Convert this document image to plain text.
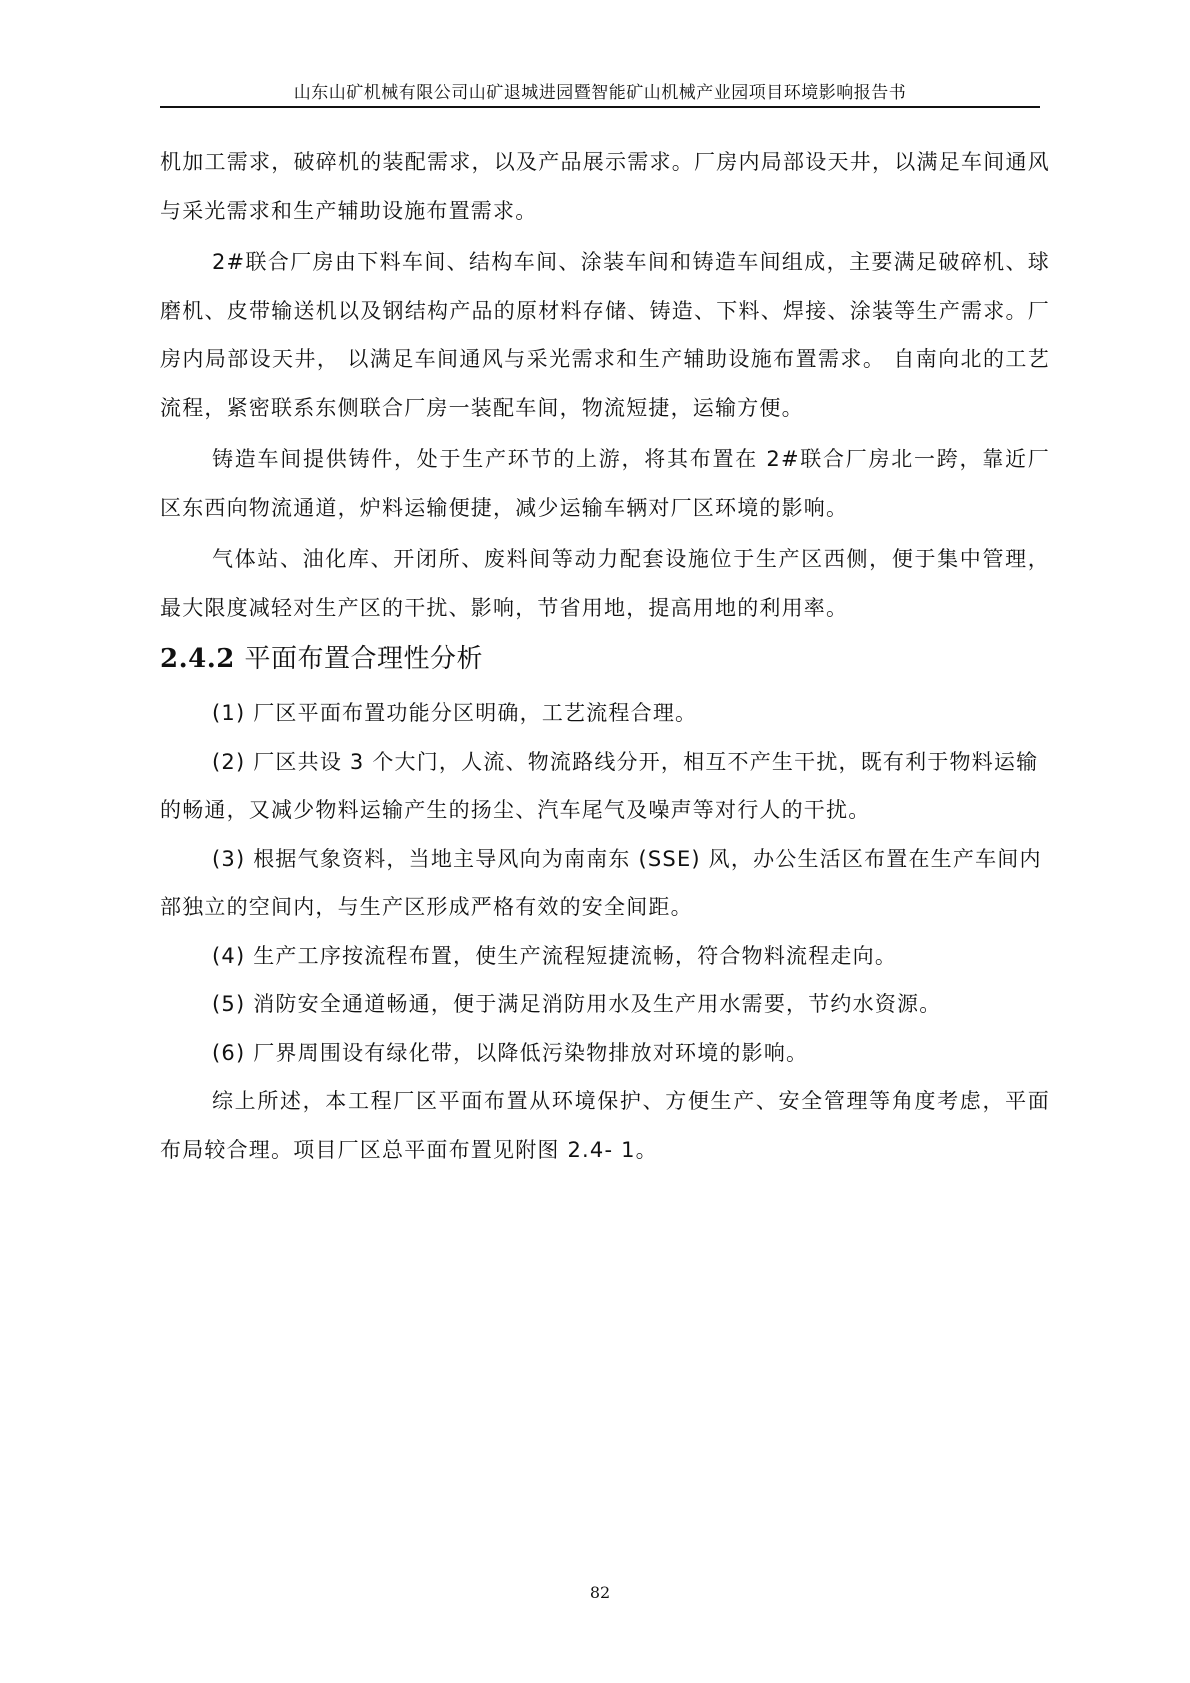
山东山矿机械有限公司山矿退城进园暨智能矿山机械产业园项目环境影响报告书

机加工需求，破碎机的装配需求，以及产品展示需求。厂房内局部设天井，以满足车间通风与采光需求和生产辅助设施布置需求。

2#联合厂房由下料车间、结构车间、涂装车间和铸造车间组成，主要满足破碎机、球磨机、皮带输送机以及钢结构产品的原材料存储、铸造、下料、焊接、涂装等生产需求。厂房内局部设天井， 以满足车间通风与采光需求和生产辅助设施布置需求。 自南向北的工艺流程，紧密联系东侧联合厂房一装配车间，物流短捷，运输方便。

铸造车间提供铸件，处于生产环节的上游，将其布置在 2#联合厂房北一跨，靠近厂区东西向物流通道，炉料运输便捷，减少运输车辆对厂区环境的影响。

气体站、油化库、开闭所、废料间等动力配套设施位于生产区西侧，便于集中管理，最大限度减轻对生产区的干扰、影响，节省用地，提高用地的利用率。

2.4.2 平面布置合理性分析

(1) 厂区平面布置功能分区明确，工艺流程合理。

(2) 厂区共设 3 个大门，人流、物流路线分开，相互不产生干扰，既有利于物料运输的畅通，又减少物料运输产生的扬尘、汽车尾气及噪声等对行人的干扰。

(3) 根据气象资料，当地主导风向为南南东 (SSE) 风，办公生活区布置在生产车间内部独立的空间内，与生产区形成严格有效的安全间距。

(4) 生产工序按流程布置，使生产流程短捷流畅，符合物料流程走向。

(5) 消防安全通道畅通，便于满足消防用水及生产用水需要，节约水资源。

(6) 厂界周围设有绿化带，以降低污染物排放对环境的影响。

综上所述，本工程厂区平面布置从环境保护、方便生产、安全管理等角度考虑，平面布局较合理。项目厂区总平面布置见附图 2.4- 1。

82
